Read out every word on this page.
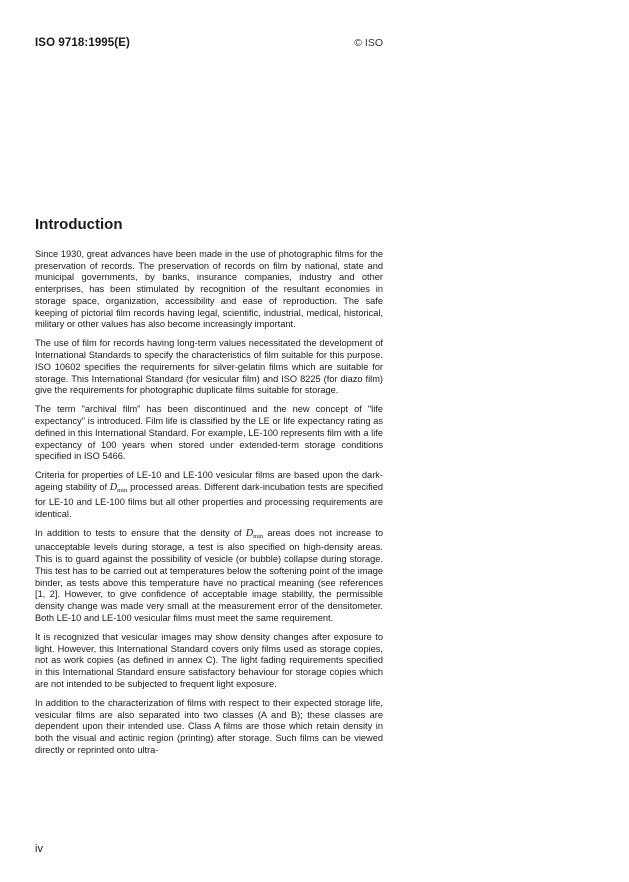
ISO 9718:1995(E)	© ISO
Introduction

Since 1930, great advances have been made in the use of photographic films for the preservation of records. The preservation of records on film by national, state and municipal governments, by banks, insurance companies, industry and other enterprises, has been stimulated by recognition of the resultant economies in storage space, organization, accessibility and ease of reproduction. The safe keeping of pictorial film records having legal, scientific, industrial, medical, historical, military or other values has also become increasingly important.

The use of film for records having long-term values necessitated the development of International Standards to specify the characteristics of film suitable for this purpose. ISO 10602 specifies the requirements for silver-gelatin films which are suitable for storage. This International Standard (for vesicular film) and ISO 8225 (for diazo film) give the requirements for photographic duplicate films suitable for storage.

The term "archival film" has been discontinued and the new concept of "life expectancy" is introduced. Film life is classified by the LE or life expectancy rating as defined in this International Standard. For example, LE-100 represents film with a life expectancy of 100 years when stored under extended-term storage conditions specified in ISO 5466.

Criteria for properties of LE-10 and LE-100 vesicular films are based upon the dark-ageing stability of $D_{min}$ processed areas. Different dark-incubation tests are specified for LE-10 and LE-100 films but all other properties and processing requirements are identical.

In addition to tests to ensure that the density of $D_{min}$ areas does not increase to unacceptable levels during storage, a test is also specified on high-density areas. This is to guard against the possibility of vesicle (or bubble) collapse during storage. This test has to be carried out at temperatures below the softening point of the image binder, as tests above this temperature have no practical meaning (see references [1, 2]. However, to give confidence of acceptable image stability, the permissible density change was made very small at the measurement error of the densitometer. Both LE-10 and LE-100 vesicular films must meet the same requirement.

It is recognized that vesicular images may show density changes after exposure to light. However, this International Standard covers only films used as storage copies, not as work copies (as defined in annex C). The light fading requirements specified in this International Standard ensure satisfactory behaviour for storage copies which are not intended to be subjected to frequent light exposure.

In addition to the characterization of films with respect to their expected storage life, vesicular films are also separated into two classes (A and B); these classes are dependent upon their intended use. Class A films are those which retain density in both the visual and actinic region (printing) after storage. Such films can be viewed directly or reprinted onto ultra-

iv
